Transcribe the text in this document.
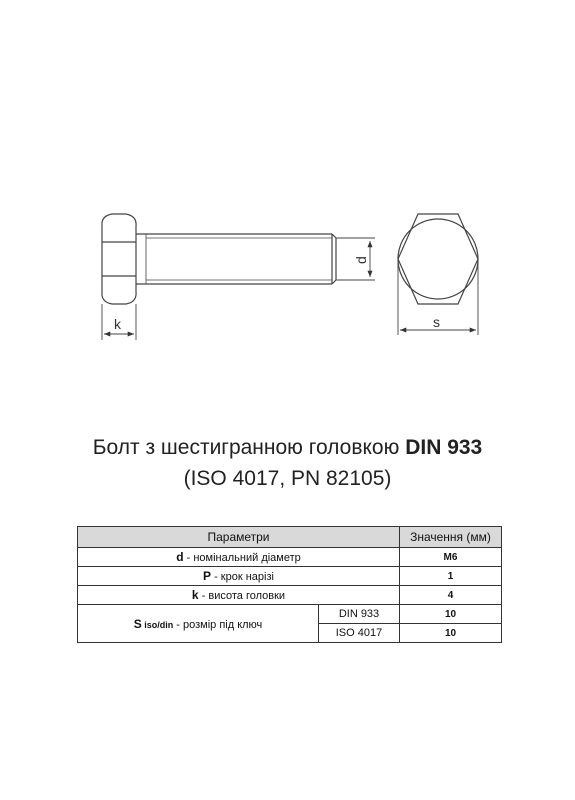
d
k	s
Болт з шестигранною головкою DIN 933
(ISO 4017, PN 82105)
Параметри		Значення (мм)
d - номінальний діаметр		M6
P - крок нарізі		1
k - висота головки		4
S iso/din - розмір під ключ	DIN 933	10
	ISO 4017	10
